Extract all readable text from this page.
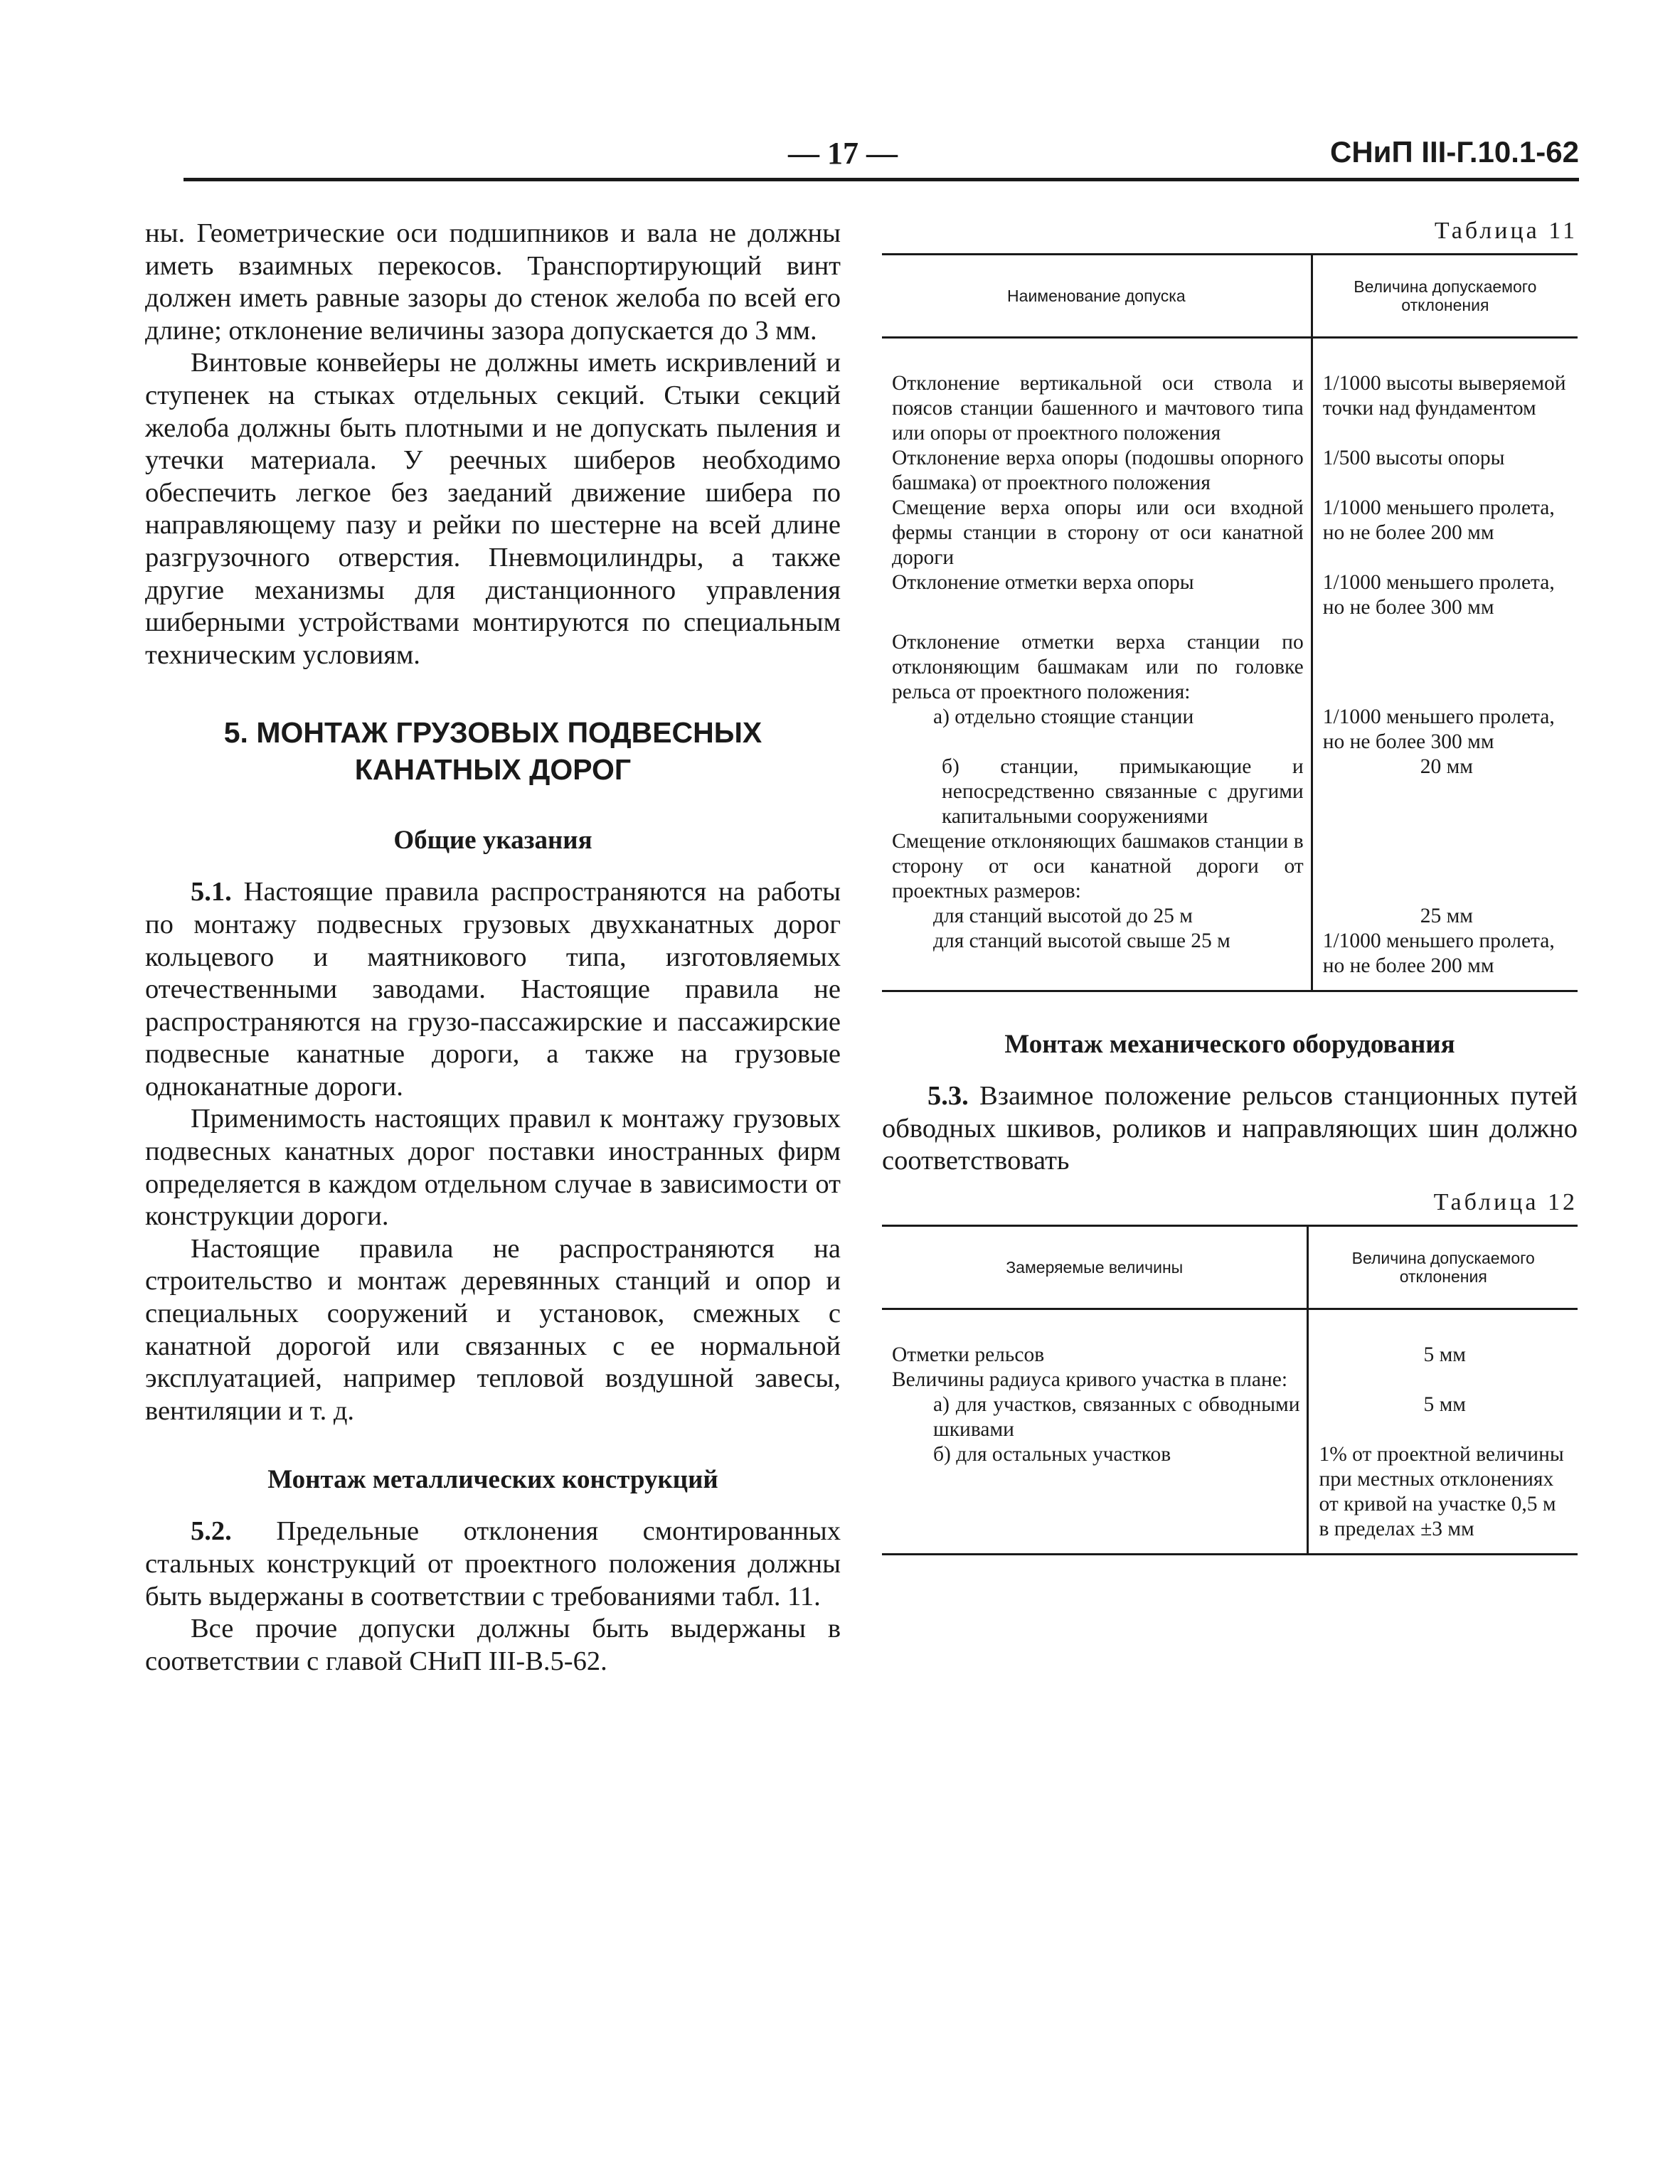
— 17 —	СНиП III-Г.10.1-62

ны. Геометрические оси подшипников и вала не должны иметь взаимных перекосов. Транспортирующий винт должен иметь равные зазоры до стенок желоба по всей его длине; отклонение величины зазора допускается до 3 мм.

Винтовые конвейеры не должны иметь искривлений и ступенек на стыках отдельных секций. Стыки секций желоба должны быть плотными и не допускать пыления и утечки материала. У реечных шиберов необходимо обеспечить легкое без заеданий движение шибера по направляющему пазу и рейки по шестерне на всей длине разгрузочного отверстия. Пневмоцилиндры, а также другие механизмы для дистанционного управления шиберными устройствами монтируются по специальным техническим условиям.

5. МОНТАЖ ГРУЗОВЫХ ПОДВЕСНЫХ КАНАТНЫХ ДОРОГ
Общие указания

5.1. Настоящие правила распространяются на работы по монтажу подвесных грузовых двухканатных дорог кольцевого и маятникового типа, изготовляемых отечественными заводами. Настоящие правила не распространяются на грузо-пассажирские и пассажирские подвесные канатные дороги, а также на грузовые одноканатные дороги.

Применимость настоящих правил к монтажу грузовых подвесных канатных дорог поставки иностранных фирм определяется в каждом отдельном случае в зависимости от конструкции дороги.

Настоящие правила не распространяются на строительство и монтаж деревянных станций и опор и специальных сооружений и установок, смежных с канатной дорогой или связанных с ее нормальной эксплуатацией, например тепловой воздушной завесы, вентиляции и т. д.

Монтаж металлических конструкций

5.2. Предельные отклонения смонтированных стальных конструкций от проектного положения должны быть выдержаны в соответствии с требованиями табл. 11.

Все прочие допуски должны быть выдержаны в соответствии с главой СНиП III-В.5-62.

Таблица 11
Наименование допуска	Величина допускаемого отклонения
Отклонение вертикальной оси ствола и поясов станции башенного и мачтового типа или опоры от проектного положения	1/1000 высоты выверяемой точки над фундаментом
Отклонение верха опоры (подошвы опорного башмака) от проектного положения	1/500 высоты опоры
Смещение верха опоры или оси входной фермы станции в сторону от оси канатной дороги	1/1000 меньшего пролета, но не более 200 мм
Отклонение отметки верха опоры	1/1000 меньшего пролета, но не более 300 мм

Отклонение отметки верха станции по отклоняющим башмакам или по головке рельса от проектного положения:	
а) отдельно стоящие станции	1/1000 меньшего пролета, но не более 300 мм
б) станции, примыкающие и непосредственно связанные с другими капитальными сооружениями	20 мм
Смещение отклоняющих башмаков станции в сторону от оси канатной дороги от проектных размеров:	
для станций высотой до 25 м	25 мм
для станций высотой свыше 25 м	1/1000 меньшего пролета, но не более 200 мм
Монтаж механического оборудования

5.3. Взаимное положение рельсов станционных путей обводных шкивов, роликов и направляющих шин должно соответствовать

Таблица 12
Замеряемые величины	Величина допускаемого отклонения
Отметки рельсов	5 мм
Величины радиуса кривого участка в плане:	
а) для участков, связанных с обводными шкивами	5 мм
б) для остальных участков	1% от проектной величины при местных отклонениях от кривой на участке 0,5 м в пределах ±3 мм
